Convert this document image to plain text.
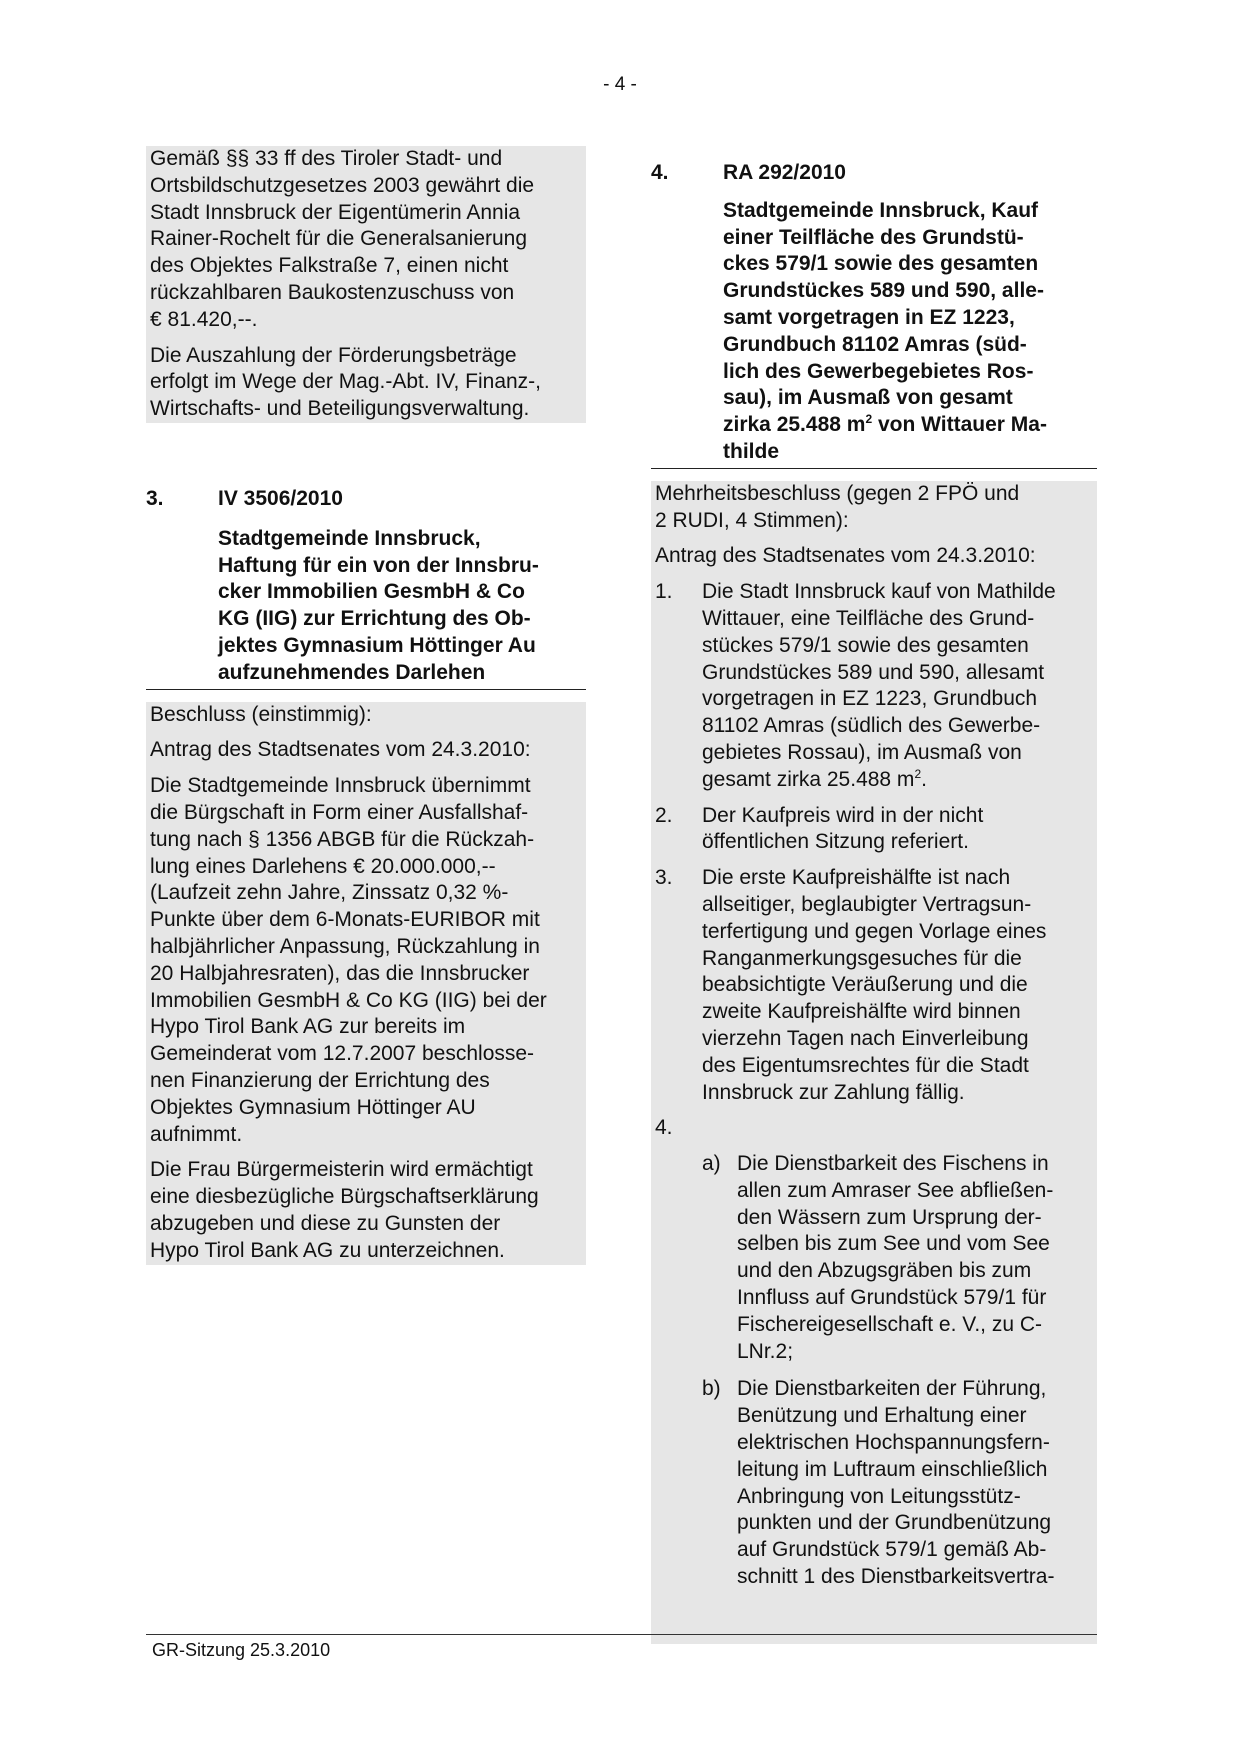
- 4 -

Gemäß §§ 33 ff des Tiroler Stadt- und
Ortsbildschutzgesetzes 2003 gewährt die
Stadt Innsbruck der Eigentümerin Annia
Rainer-Rochelt für die Generalsanierung
des Objektes Falkstraße 7, einen nicht
rückzahlbaren Baukostenzuschuss von
€ 81.420,--.

Die Auszahlung der Förderungsbeträge
erfolgt im Wege der Mag.-Abt. IV, Finanz-,
Wirtschafts- und Beteiligungsverwaltung.

3.	IV 3506/2010
Stadtgemeinde Innsbruck,
Haftung für ein von der Innsbru-
cker Immobilien GesmbH & Co
KG (IIG) zur Errichtung des Ob-
jektes Gymnasium Höttinger Au
aufzunehmendes Darlehen

Beschluss (einstimmig):

Antrag des Stadtsenates vom 24.3.2010:

Die Stadtgemeinde Innsbruck übernimmt
die Bürgschaft in Form einer Ausfallshaf-
tung nach § 1356 ABGB für die Rückzah-
lung eines Darlehens € 20.000.000,--
(Laufzeit zehn Jahre, Zinssatz 0,32 %-
Punkte über dem 6-Monats-EURIBOR mit
halbjährlicher Anpassung, Rückzahlung in
20 Halbjahresraten), das die Innsbrucker
Immobilien GesmbH & Co KG (IIG) bei der
Hypo Tirol Bank AG zur bereits im
Gemeinderat vom 12.7.2007 beschlosse-
nen Finanzierung der Errichtung des
Objektes Gymnasium Höttinger AU
aufnimmt.

Die Frau Bürgermeisterin wird ermächtigt
eine diesbezügliche Bürgschaftserklärung
abzugeben und diese zu Gunsten der
Hypo Tirol Bank AG zu unterzeichnen.

4.	RA 292/2010
Stadtgemeinde Innsbruck, Kauf
einer Teilfläche des Grundstü-
ckes 579/1 sowie des gesamten
Grundstückes 589 und 590, alle-
samt vorgetragen in EZ 1223,
Grundbuch 81102 Amras (süd-
lich des Gewerbegebietes Ros-
sau), im Ausmaß von gesamt
zirka 25.488 $m^2$ von Wittauer Ma-
thilde

Mehrheitsbeschluss (gegen 2 FPÖ und
2 RUDI, 4 Stimmen):

Antrag des Stadtsenates vom 24.3.2010:

1.	Die Stadt Innsbruck kauf von Mathilde
Wittauer, eine Teilfläche des Grund-
stückes 579/1 sowie des gesamten
Grundstückes 589 und 590, allesamt
vorgetragen in EZ 1223, Grundbuch
81102 Amras (südlich des Gewerbe-
gebietes Rossau), im Ausmaß von
gesamt zirka 25.488 $m^2$.

2.	Der Kaufpreis wird in der nicht
öffentlichen Sitzung referiert.

3.	Die erste Kaufpreishälfte ist nach
allseitiger, beglaubigter Vertragsun-
terfertigung und gegen Vorlage eines
Ranganmerkungsgesuches für die
beabsichtigte Veräußerung und die
zweite Kaufpreishälfte wird binnen
vierzehn Tagen nach Einverleibung
des Eigentumsrechtes für die Stadt
Innsbruck zur Zahlung fällig.

4.

a) Die Dienstbarkeit des Fischens in
allen zum Amraser See abfließen-
den Wässern zum Ursprung der-
selben bis zum See und vom See
und den Abzugsgräben bis zum
Innfluss auf Grundstück 579/1 für
Fischereigesellschaft e. V., zu C-
LNr.2;

b) Die Dienstbarkeiten der Führung,
Benützung und Erhaltung einer
elektrischen Hochspannungsfern-
leitung im Luftraum einschließlich
Anbringung von Leitungsstütz-
punkten und der Grundbenützung
auf Grundstück 579/1 gemäß Ab-
schnitt 1 des Dienstbarkeitsvertra-

GR-Sitzung 25.3.2010
